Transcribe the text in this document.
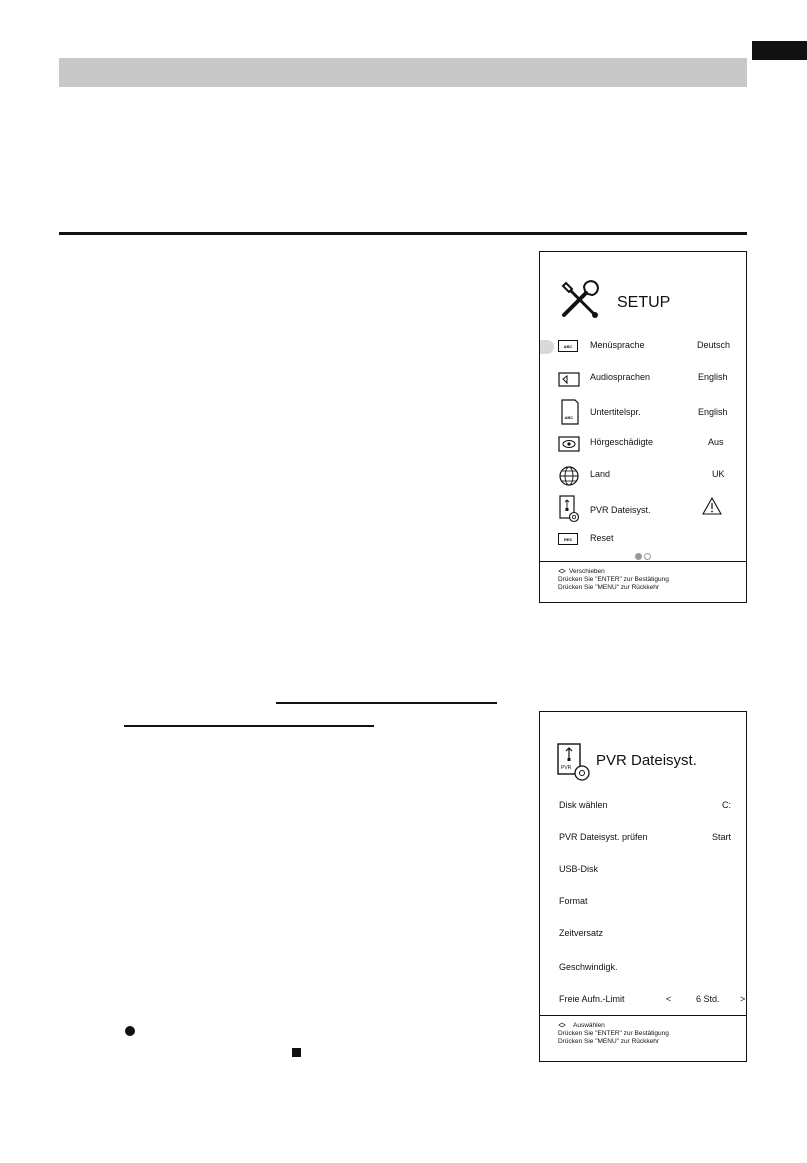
SETUP
ABC	Menüsprache	Deutsch
Audiosprachen	English
ABC
Untertitelspr.	English
Hörgeschädigte	Aus
Land	UK
PVR Dateisyst.
RES	Reset
Verschieben
Drücken Sie "ENTER" zur Bestätigung
Drücken Sie "MENU" zur Rückkehr
PVR PVR Dateisyst.
Disk wählen	C:
PVR Dateisyst. prüfen	Start
USB-Disk
Format
Zeitversatz
Geschwindigk.
Freie Aufn.-Limit	<	6 Std. >
Auswählen
Drücken Sie "ENTER" zur Bestätigung
Drücken Sie "MENU" zur Rückkehr
